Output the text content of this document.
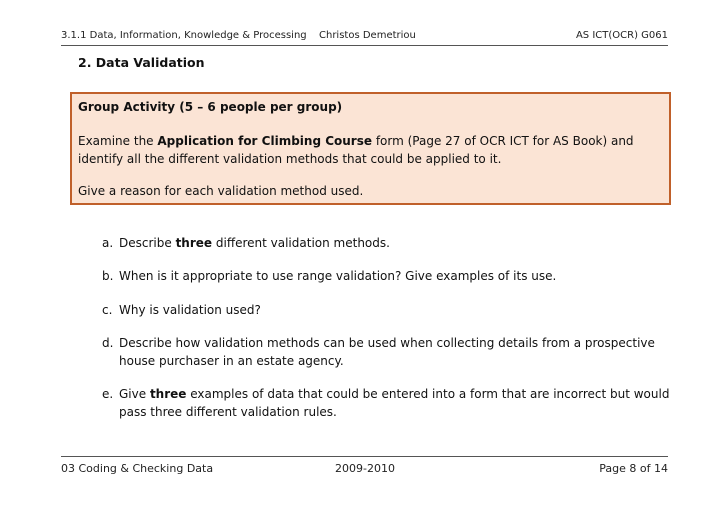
3.1.1 Data, Information, Knowledge & Processing Christos Demetriou	AS ICT(OCR) G061
2. Data Validation

Group Activity (5 – 6 people per group)

Examine the Application for Climbing Course form (Page 27 of OCR ICT for AS Book) and identify all the different validation methods that could be applied to it.

Give a reason for each validation method used.

a. Describe three different validation methods.
b. When is it appropriate to use range validation? Give examples of its use.
c. Why is validation used?
d. Describe how validation methods can be used when collecting details from a prospective house purchaser in an estate agency.
e. Give three examples of data that could be entered into a form that are incorrect but would pass three different validation rules.
03 Coding & Checking Data	2009-2010	Page 8 of 14
